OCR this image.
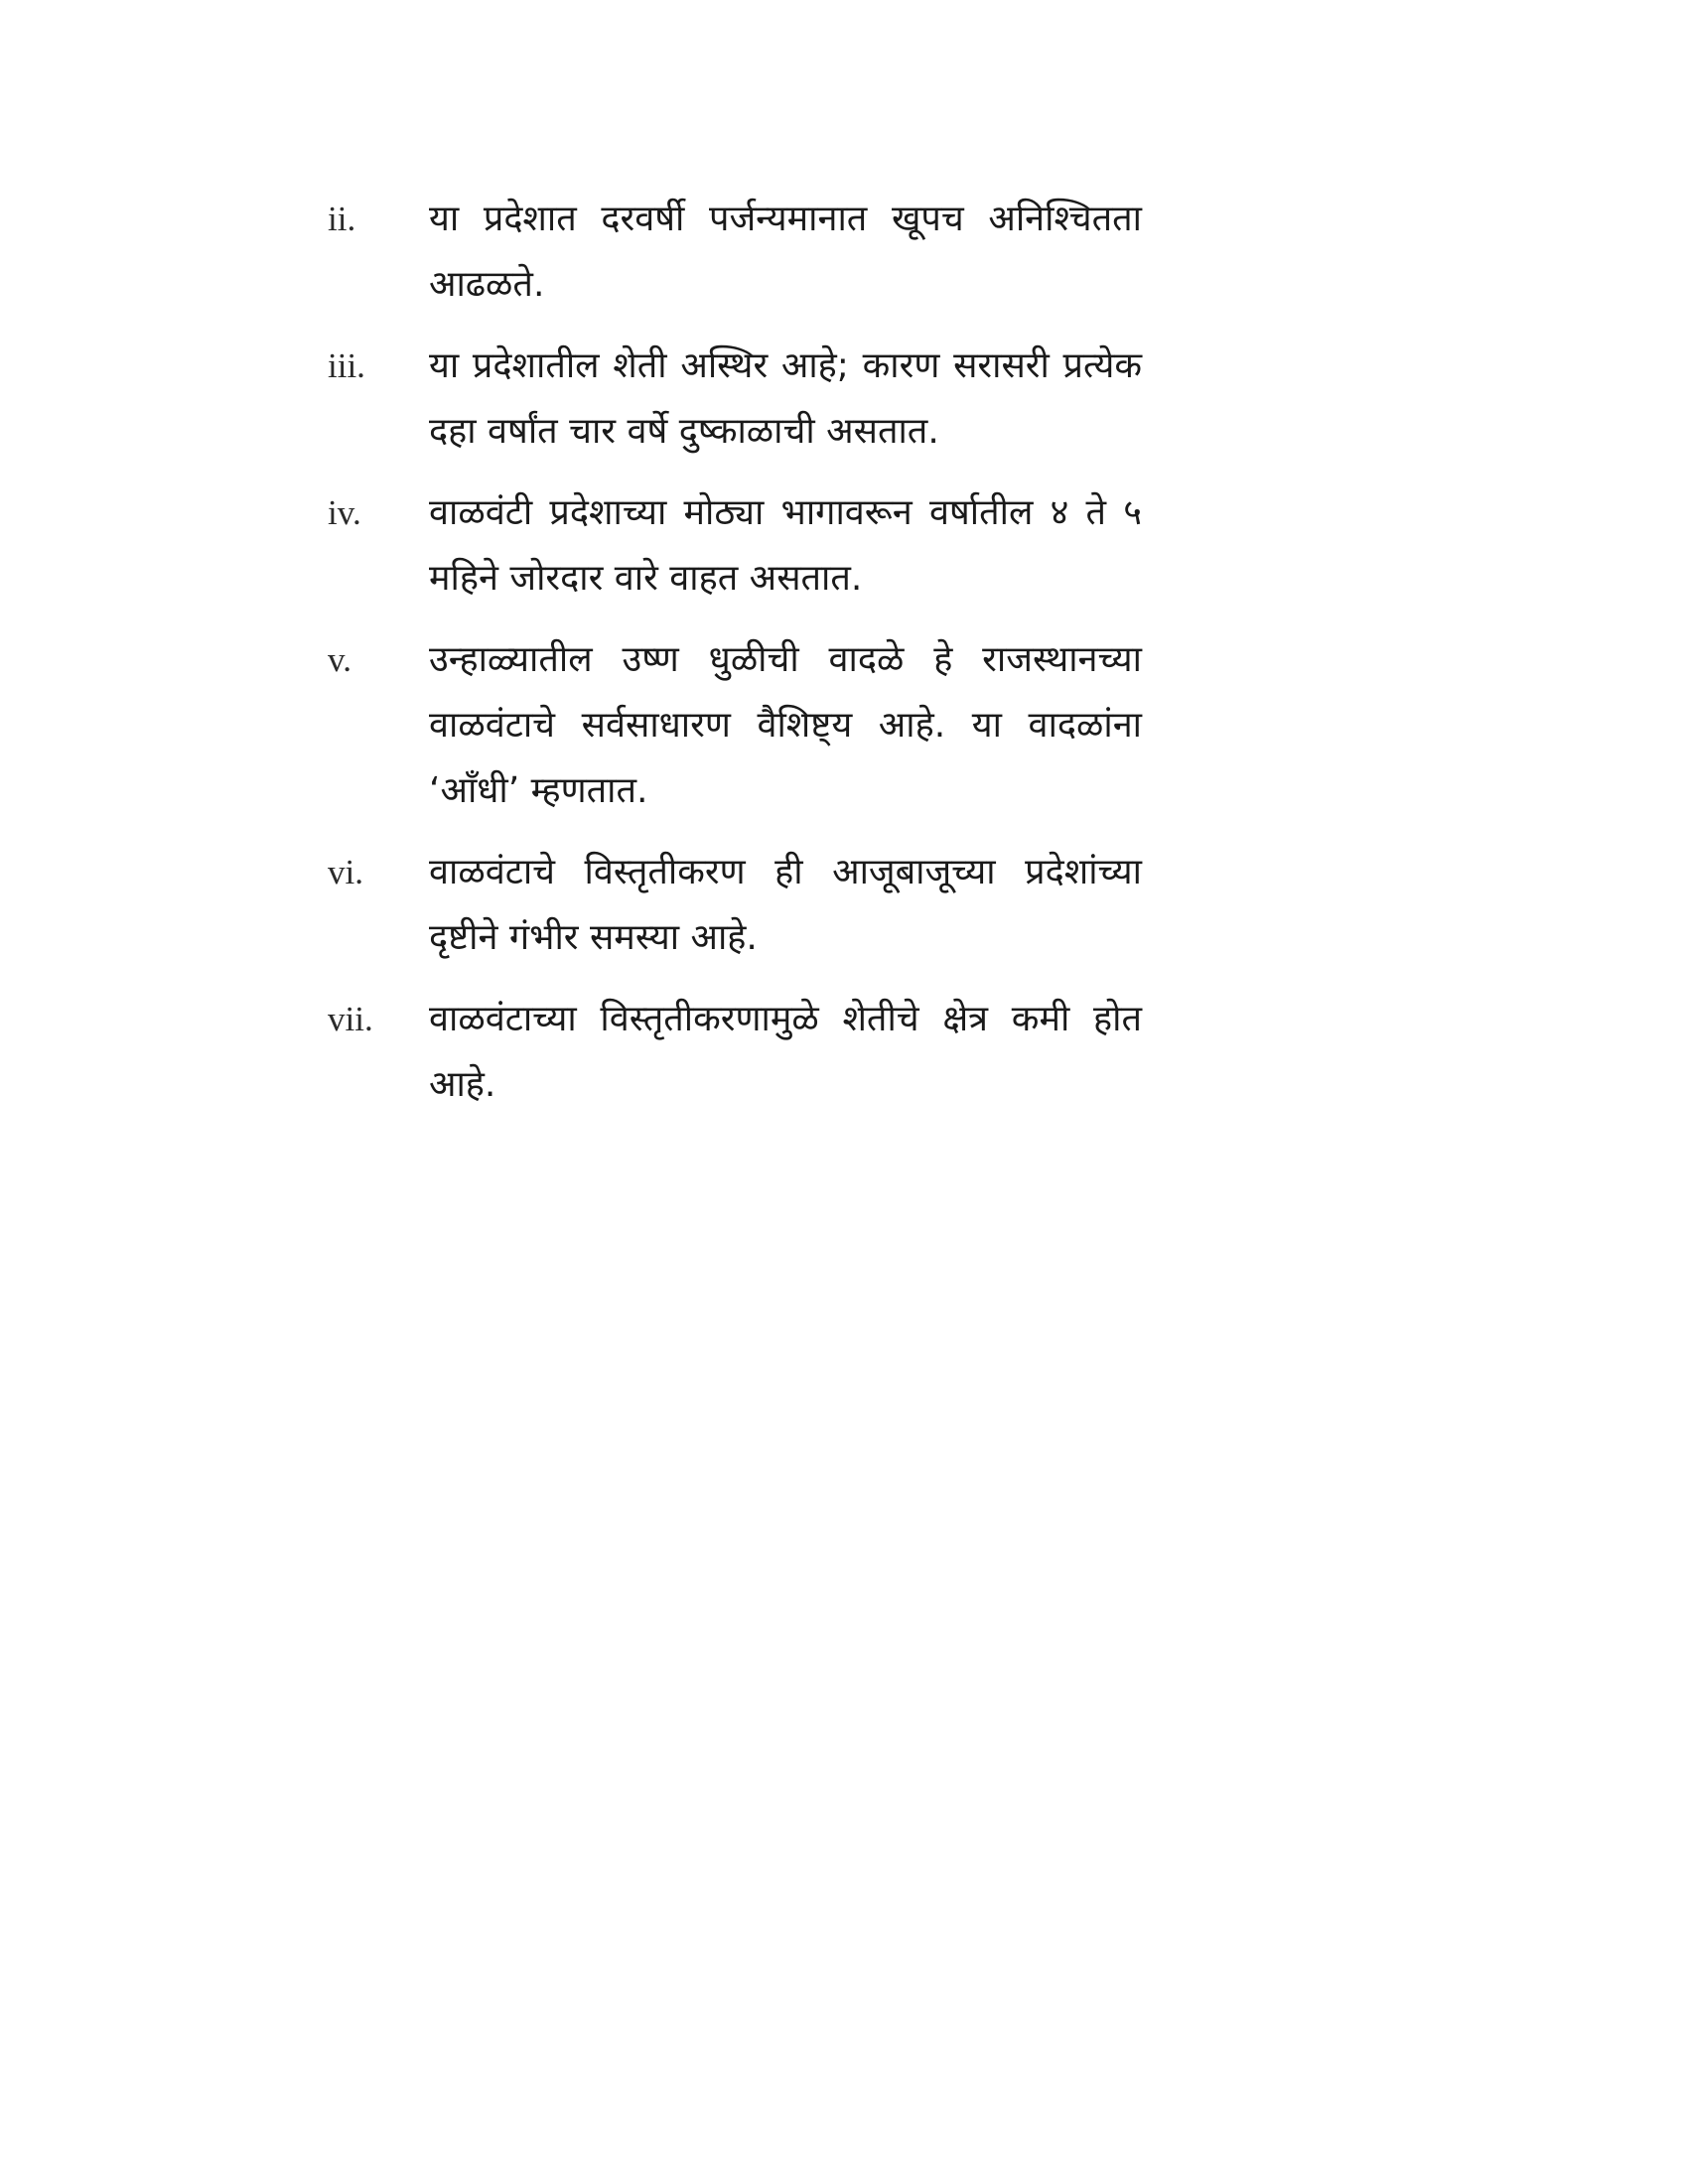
ii.	या प्रदेशात दरवर्षी पर्जन्यमानात खूपच अनिश्चितता आढळते.
iii.	या प्रदेशातील शेती अस्थिर आहे; कारण सरासरी प्रत्येक दहा वर्षांत चार वर्षे दुष्काळाची असतात.
iv.	वाळवंटी प्रदेशाच्या मोठ्या भागावरून वर्षातील ४ ते ५ महिने जोरदार वारे वाहत असतात.
v.	उन्हाळ्यातील उष्ण धुळीची वादळे हे राजस्थानच्या वाळवंटाचे सर्वसाधारण वैशिष्ट्य आहे. या वादळांना ‘आँधी’ म्हणतात.
vi.	वाळवंटाचे विस्तृतीकरण ही आजूबाजूच्या प्रदेशांच्या दृष्टीने गंभीर समस्या आहे.
vii.	वाळवंटाच्या विस्तृतीकरणामुळे शेतीचे क्षेत्र कमी होत आहे.
